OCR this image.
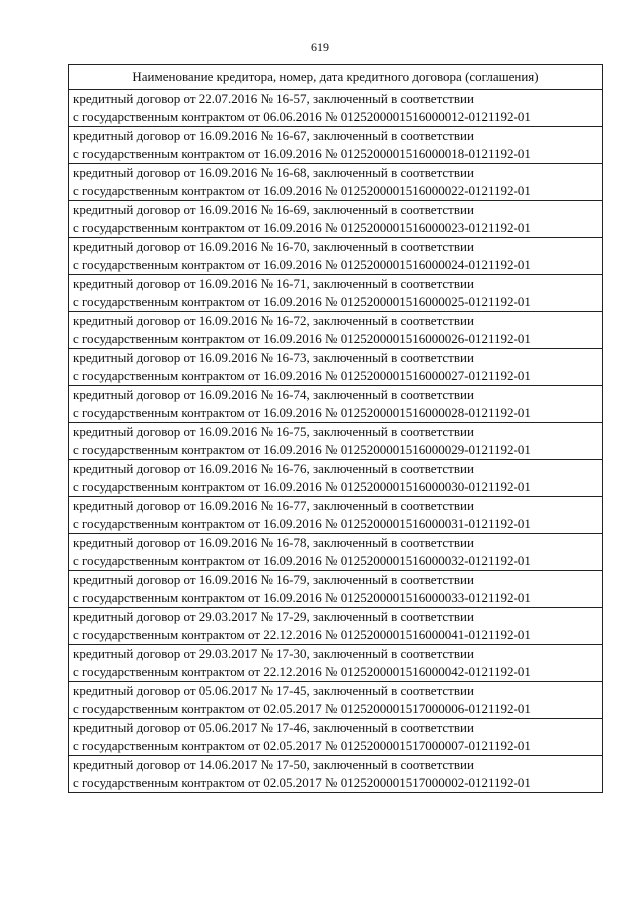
619
Наименование кредитора, номер, дата кредитного договора (соглашения)

кредитный договор от 22.07.2016 № 16-57, заключенный в соответствии
с государственным контрактом от 06.06.2016 № 0125200001516000012-0121192-01

кредитный договор от 16.09.2016 № 16-67, заключенный в соответствии
с государственным контрактом от 16.09.2016 № 0125200001516000018-0121192-01

кредитный договор от 16.09.2016 № 16-68, заключенный в соответствии
с государственным контрактом от 16.09.2016 № 0125200001516000022-0121192-01

кредитный договор от 16.09.2016 № 16-69, заключенный в соответствии
с государственным контрактом от 16.09.2016 № 0125200001516000023-0121192-01

кредитный договор от 16.09.2016 № 16-70, заключенный в соответствии
с государственным контрактом от 16.09.2016 № 0125200001516000024-0121192-01

кредитный договор от 16.09.2016 № 16-71, заключенный в соответствии
с государственным контрактом от 16.09.2016 № 0125200001516000025-0121192-01

кредитный договор от 16.09.2016 № 16-72, заключенный в соответствии
с государственным контрактом от 16.09.2016 № 0125200001516000026-0121192-01

кредитный договор от 16.09.2016 № 16-73, заключенный в соответствии
с государственным контрактом от 16.09.2016 № 0125200001516000027-0121192-01

кредитный договор от 16.09.2016 № 16-74, заключенный в соответствии
с государственным контрактом от 16.09.2016 № 0125200001516000028-0121192-01

кредитный договор от 16.09.2016 № 16-75, заключенный в соответствии
с государственным контрактом от 16.09.2016 № 0125200001516000029-0121192-01

кредитный договор от 16.09.2016 № 16-76, заключенный в соответствии
с государственным контрактом от 16.09.2016 № 0125200001516000030-0121192-01

кредитный договор от 16.09.2016 № 16-77, заключенный в соответствии
с государственным контрактом от 16.09.2016 № 0125200001516000031-0121192-01

кредитный договор от 16.09.2016 № 16-78, заключенный в соответствии
с государственным контрактом от 16.09.2016 № 0125200001516000032-0121192-01

кредитный договор от 16.09.2016 № 16-79, заключенный в соответствии
с государственным контрактом от 16.09.2016 № 0125200001516000033-0121192-01

кредитный договор от 29.03.2017 № 17-29, заключенный в соответствии
с государственным контрактом от 22.12.2016 № 0125200001516000041-0121192-01

кредитный договор от 29.03.2017 № 17-30, заключенный в соответствии
с государственным контрактом от 22.12.2016 № 0125200001516000042-0121192-01

кредитный договор от 05.06.2017 № 17-45, заключенный в соответствии
с государственным контрактом от 02.05.2017 № 0125200001517000006-0121192-01

кредитный договор от 05.06.2017 № 17-46, заключенный в соответствии
с государственным контрактом от 02.05.2017 № 0125200001517000007-0121192-01

кредитный договор от 14.06.2017 № 17-50, заключенный в соответствии
с государственным контрактом от 02.05.2017 № 0125200001517000002-0121192-01
